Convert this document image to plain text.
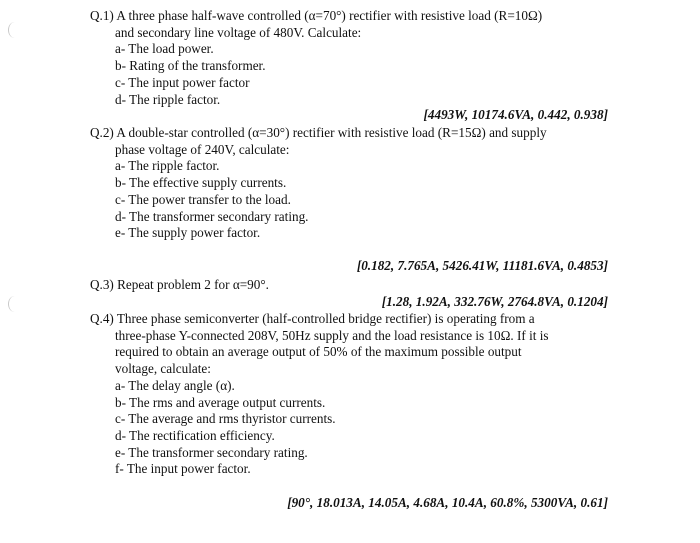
Q.1) A three phase half-wave controlled (α=70°) rectifier with resistive load (R=10Ω)
and secondary line voltage of 480V. Calculate:
a- The load power.
b- Rating of the transformer.
c- The input power factor
d- The ripple factor.
[4493W, 10174.6VA, 0.442, 0.938]
Q.2) A double-star controlled (α=30°) rectifier with resistive load (R=15Ω) and supply
phase voltage of 240V, calculate:
a- The ripple factor.
b- The effective supply currents.
c- The power transfer to the load.
d- The transformer secondary rating.
e- The supply power factor.
[0.182, 7.765A, 5426.41W, 11181.6VA, 0.4853]
Q.3) Repeat problem 2 for α=90°.
[1.28, 1.92A, 332.76W, 2764.8VA, 0.1204]
Q.4) Three phase semiconverter (half-controlled bridge rectifier) is operating from a
three-phase Y-connected 208V, 50Hz supply and the load resistance is 10Ω. If it is
required to obtain an average output of 50% of the maximum possible output
voltage, calculate:
a- The delay angle (α).
b- The rms and average output currents.
c- The average and rms thyristor currents.
d- The rectification efficiency.
e- The transformer secondary rating.
f- The input power factor.
[90°, 18.013A, 14.05A, 4.68A, 10.4A, 60.8%, 5300VA, 0.61]
